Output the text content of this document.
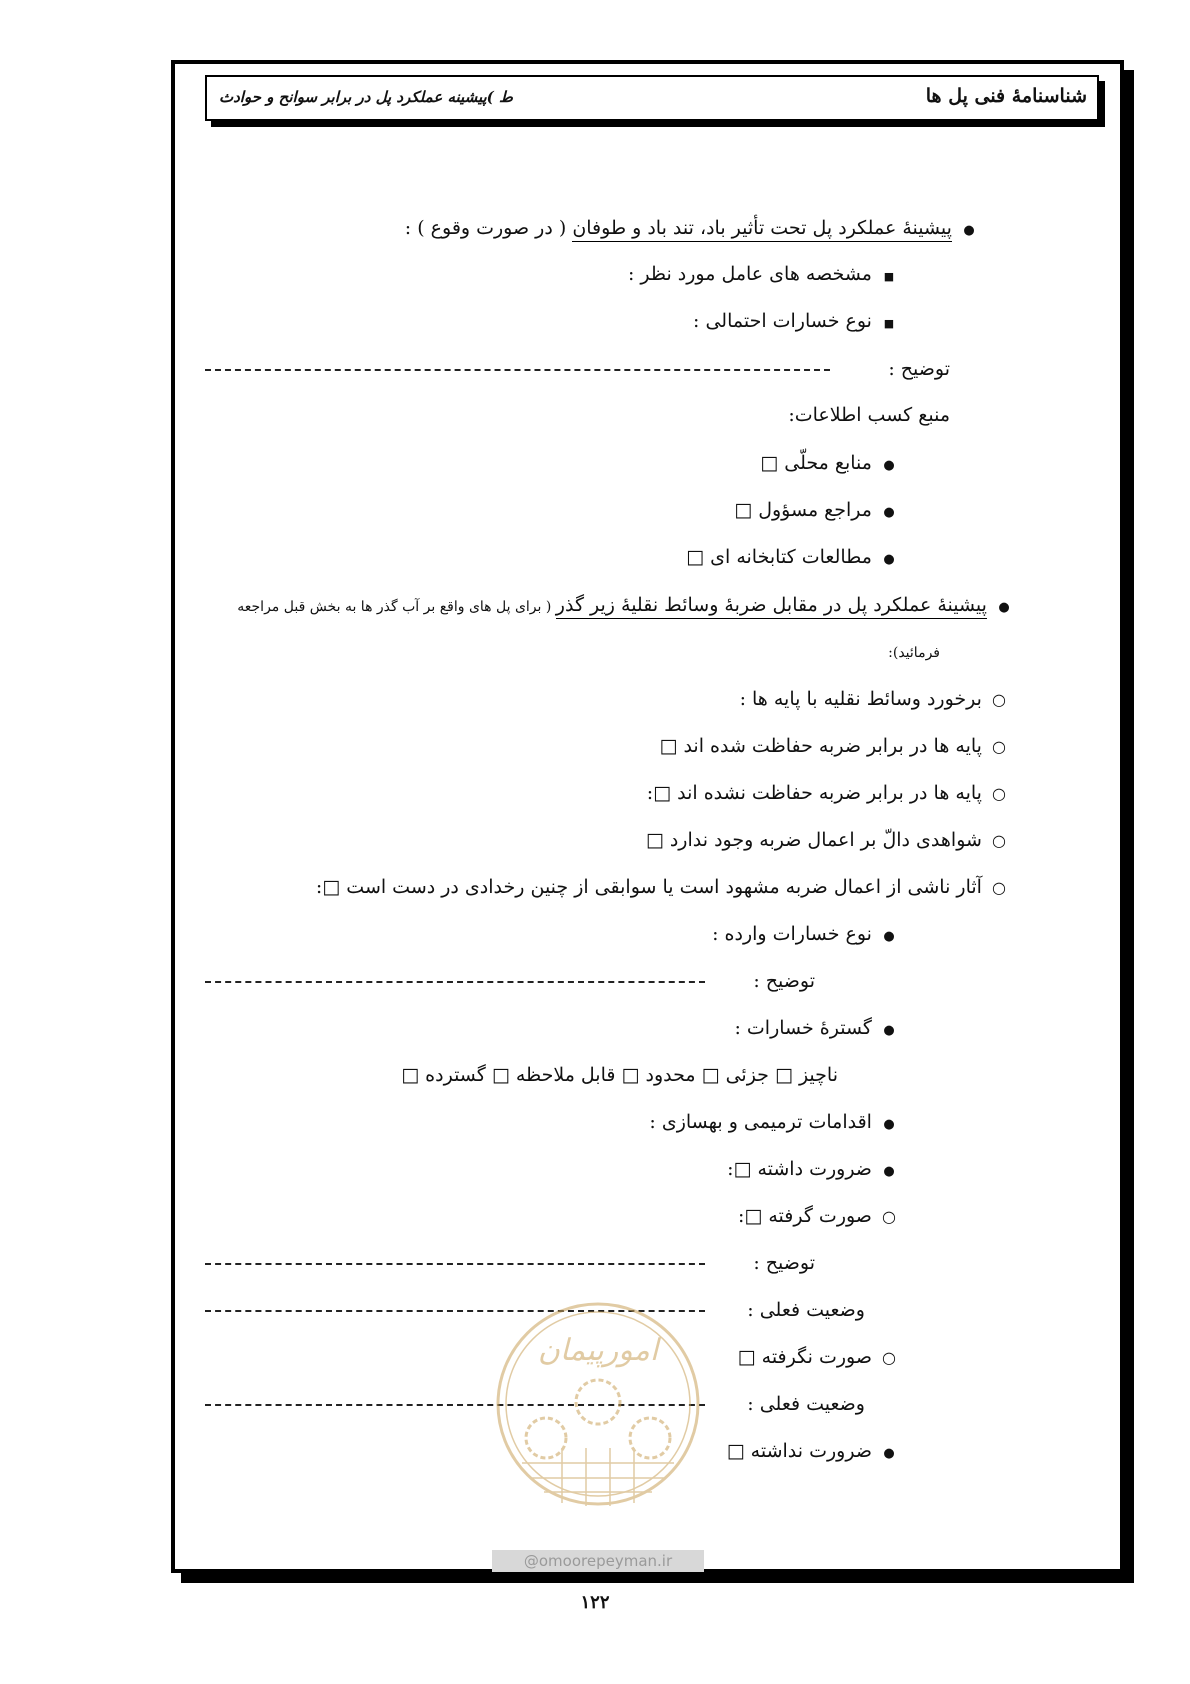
شناسنامۀ فنی پل ها
ط )پیشینه عملکرد پل در برابر سوانح و حوادث
● پیشینۀ عملکرد پل تحت تأثیر باد، تند باد و طوفان ( در صورت وقوع ) :
■ مشخصه های عامل مورد نظر :
■ نوع خسارات احتمالی :
توضیح :
منبع کسب اطلاعات:
● منابع محلّی □
● مراجع مسؤول □
● مطالعات کتابخانه ای □
● پیشینۀ عملکرد پل در مقابل ضربۀ وسائط نقلیۀ زیر گذر ( برای پل های واقع بر آب گذر ها به بخش قبل مراجعه
فرمائید):
○ برخورد وسائط نقلیه با پایه ها :
○ پایه ها در برابر ضربه حفاظت شده اند □
○ پایه ها در برابر ضربه حفاظت نشده اند □:
○ شواهدی دالّ بر اعمال ضربه وجود ندارد □
○ آثار ناشی از اعمال ضربه مشهود است یا سوابقی از چنین رخدادی در دست است □:
● نوع خسارات وارده :
توضیح :
● گسترۀ خسارات :
ناچیز □ جزئی □ محدود □ قابل ملاحظه □ گسترده □
● اقدامات ترمیمی و بهسازی :
● ضرورت داشته □:
○ صورت گرفته □:
توضیح :
وضعیت فعلی :
○ صورت نگرفته □
وضعیت فعلی :
● ضرورت نداشته □
امورپیمان
@omoorepeyman.ir
۱۲۲
